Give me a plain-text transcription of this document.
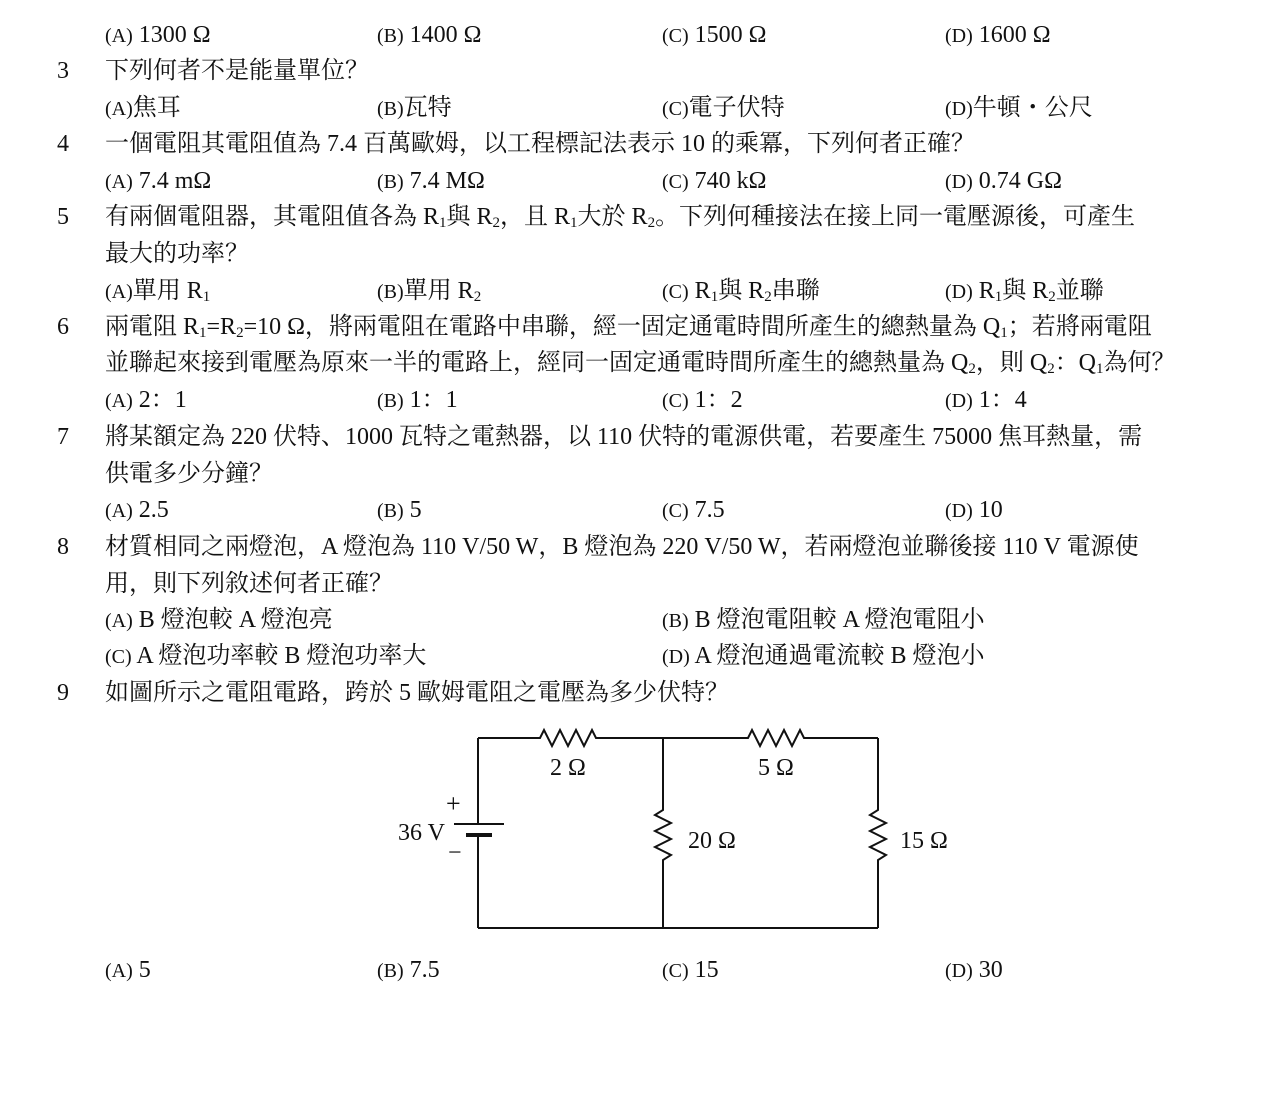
(A) 1300 Ω	(B) 1400 Ω	(C) 1500 Ω	(D) 1600 Ω
3 下列何者不是能量單位？
(A)焦耳	(B)瓦特	(C)電子伏特	(D)牛頓・公尺
4 一個電阻其電阻值為 7.4 百萬歐姆，以工程標記法表示 10 的乘冪，下列何者正確？
(A) 7.4 mΩ	(B) 7.4 MΩ	(C) 740 kΩ	(D) 0.74 GΩ
5 有兩個電阻器，其電阻值各為 $R_1$與 $R_2$，且 $R_1$大於 $R_2$。下列何種接法在接上同一電壓源後，可產生
最大的功率？
(A)單用 $R_1$	(B)單用 $R_2$	(C) $R_1$與 $R_2$串聯	(D) $R_1$與 $R_2$並聯
6 兩電阻 $R_1=R_2=10$ Ω，將兩電阻在電路中串聯，經一固定通電時間所產生的總熱量為 $Q_1$；若將兩電阻
並聯起來接到電壓為原來一半的電路上，經同一固定通電時間所產生的總熱量為 $Q_2$，則 $Q_2$：$Q_1$為何？
(A) 2：1	(B) 1：1	(C) 1：2	(D) 1：4
7 將某額定為 220 伏特、1000 瓦特之電熱器，以 110 伏特的電源供電，若要產生 75000 焦耳熱量，需
供電多少分鐘？
(A) 2.5	(B) 5	(C) 7.5	(D) 10
8 材質相同之兩燈泡，A 燈泡為 110 V/50 W，B 燈泡為 220 V/50 W，若兩燈泡並聯後接 110 V 電源使
用，則下列敘述何者正確？
(A) B 燈泡較 A 燈泡亮	(B) B 燈泡電阻較 A 燈泡電阻小
(C) A 燈泡功率較 B 燈泡功率大	(D) A 燈泡通過電流較 B 燈泡小
9 如圖所示之電阻電路，跨於 5 歐姆電阻之電壓為多少伏特？
+
−
36 V
2 Ω	5 Ω
20 Ω	15 Ω
(A) 5	(B) 7.5	(C) 15	(D) 30
